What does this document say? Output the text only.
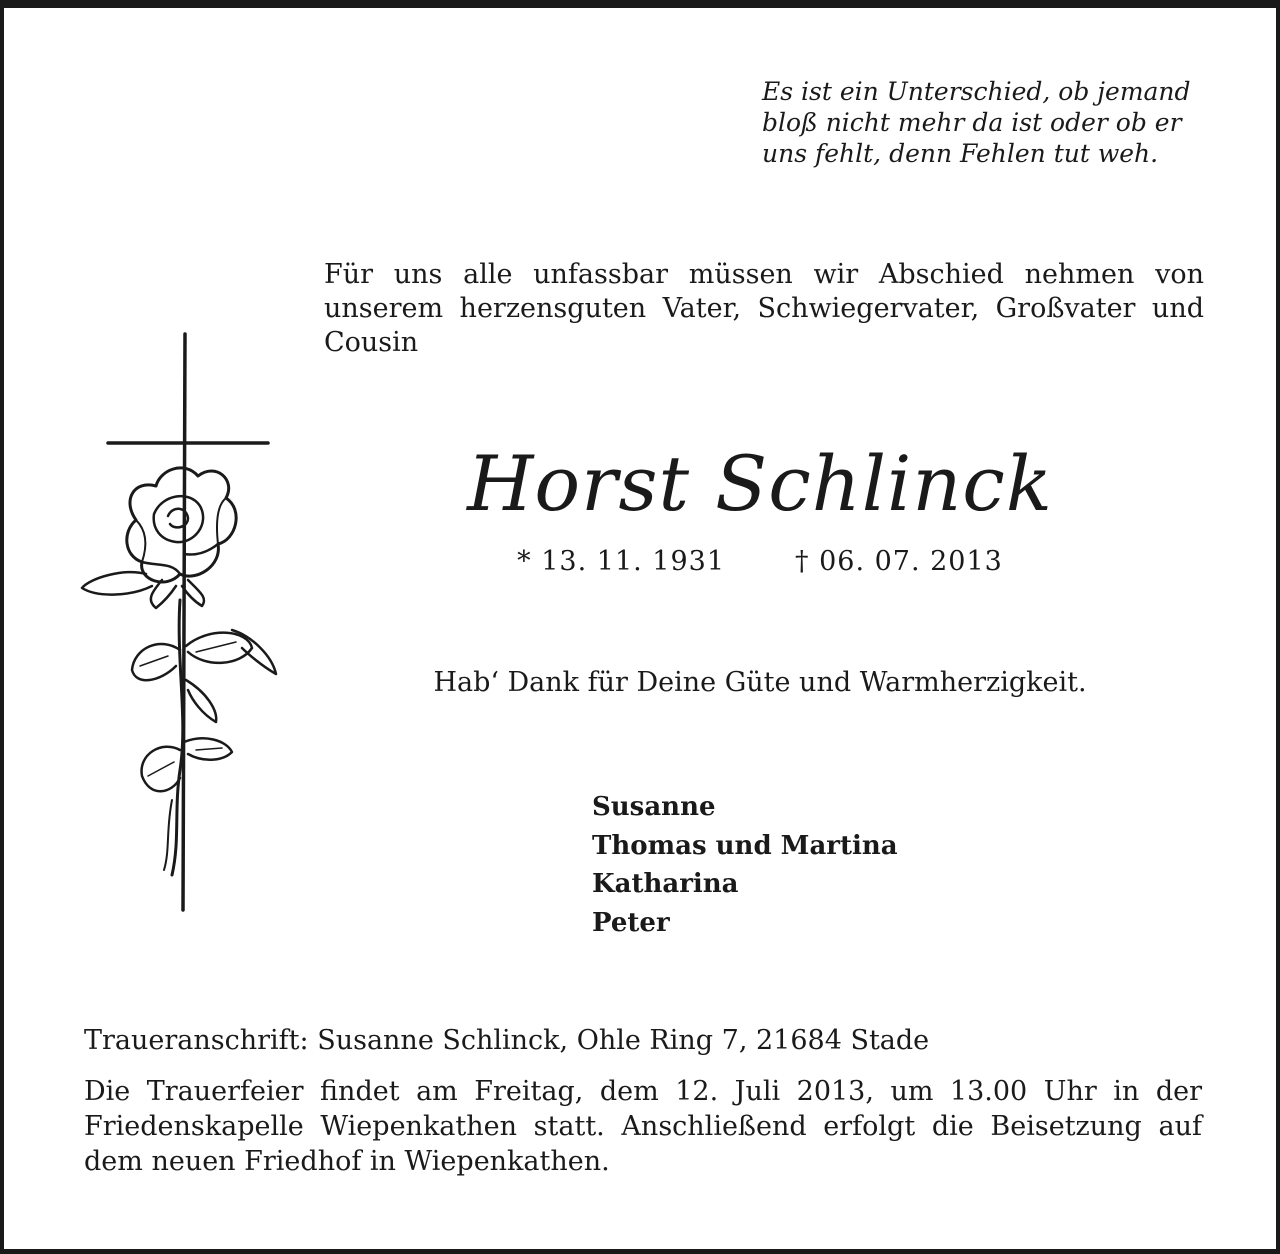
Es ist ein Unterschied, ob jemand
bloß nicht mehr da ist oder ob er
uns fehlt, denn Fehlen tut weh.
Für uns alle unfassbar müssen wir Abschied nehmen von unserem herzensguten Vater, Schwiegervater, Großvater und Cousin
Horst Schlinck
* 13. 11. 1931	† 06. 07. 2013
Hab‘ Dank für Deine Güte und Warmherzigkeit.
Susanne
Thomas und Martina
Katharina
Peter
Traueranschrift: Susanne Schlinck, Ohle Ring 7, 21684 Stade
Die Trauerfeier findet am Freitag, dem 12. Juli 2013, um 13.00 Uhr in der Friedenskapelle Wiepenkathen statt. Anschließend erfolgt die Beisetzung auf dem neuen Friedhof in Wiepenkathen.
